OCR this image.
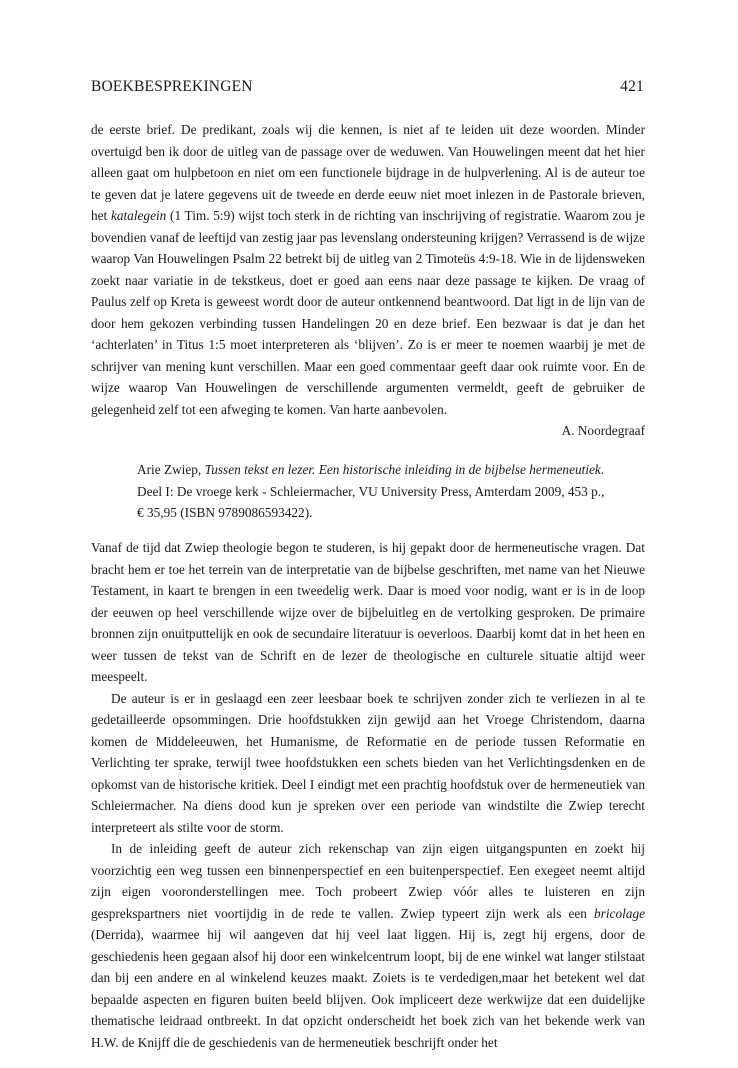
BOEKBESPREKINGEN	421

de eerste brief. De predikant, zoals wij die kennen, is niet af te leiden uit deze woorden. Minder overtuigd ben ik door de uitleg van de passage over de weduwen. Van Houwelingen meent dat het hier alleen gaat om hulpbetoon en niet om een functionele bijdrage in de hulpverlening. Al is de auteur toe te geven dat je latere gegevens uit de tweede en derde eeuw niet moet inlezen in de Pastorale brieven, het katalegein (1 Tim. 5:9) wijst toch sterk in de richting van inschrijving of registratie. Waarom zou je bovendien vanaf de leeftijd van zestig jaar pas levenslang ondersteuning krijgen? Verrassend is de wijze waarop Van Houwelingen Psalm 22 betrekt bij de uitleg van 2 Timoteüs 4:9-18. Wie in de lijdensweken zoekt naar variatie in de tekstkeus, doet er goed aan eens naar deze passage te kijken. De vraag of Paulus zelf op Kreta is geweest wordt door de auteur ontkennend beantwoord. Dat ligt in de lijn van de door hem gekozen verbinding tussen Handelingen 20 en deze brief. Een bezwaar is dat je dan het ‘achterlaten’ in Titus 1:5 moet interpreteren als ‘blijven’. Zo is er meer te noemen waarbij je met de schrijver van mening kunt verschillen. Maar een goed commentaar geeft daar ook ruimte voor. En de wijze waarop Van Houwelingen de verschillende argumenten vermeldt, geeft de gebruiker de gelegenheid zelf tot een afweging te komen. Van harte aanbevolen.

A. Noordegraaf

Arie Zwiep, Tussen tekst en lezer. Een historische inleiding in de bijbelse hermeneutiek.

Deel I: De vroege kerk - Schleiermacher, VU University Press, Amterdam 2009, 453 p.,

€ 35,95 (ISBN 9789086593422).

Vanaf de tijd dat Zwiep theologie begon te studeren, is hij gepakt door de hermeneutische vragen. Dat bracht hem er toe het terrein van de interpretatie van de bijbelse geschriften, met name van het Nieuwe Testament, in kaart te brengen in een tweedelig werk. Daar is moed voor nodig, want er is in de loop der eeuwen op heel verschillende wijze over de bijbeluitleg en de vertolking gesproken. De primaire bronnen zijn onuitputtelijk en ook de secundaire literatuur is oeverloos. Daarbij komt dat in het heen en weer tussen de tekst van de Schrift en de lezer de theologische en culturele situatie altijd weer meespeelt.

De auteur is er in geslaagd een zeer leesbaar boek te schrijven zonder zich te verliezen in al te gedetailleerde opsommingen. Drie hoofdstukken zijn gewijd aan het Vroege Christendom, daarna komen de Middeleeuwen, het Humanisme, de Reformatie en de periode tussen Reformatie en Verlichting ter sprake, terwijl twee hoofdstukken een schets bieden van het Verlichtingsdenken en de opkomst van de historische kritiek. Deel I eindigt met een prachtig hoofdstuk over de hermeneutiek van Schleiermacher. Na diens dood kun je spreken over een periode van windstilte die Zwiep terecht interpreteert als stilte voor de storm.

In de inleiding geeft de auteur zich rekenschap van zijn eigen uitgangspunten en zoekt hij voorzichtig een weg tussen een binnenperspectief en een buitenperspectief. Een exegeet neemt altijd zijn eigen vooronderstellingen mee. Toch probeert Zwiep vóór alles te luisteren en zijn gesprekspartners niet voortijdig in de rede te vallen. Zwiep typeert zijn werk als een bricolage (Derrida), waarmee hij wil aangeven dat hij veel laat liggen. Hij is, zegt hij ergens, door de geschiedenis heen gegaan alsof hij door een winkelcentrum loopt, bij de ene winkel wat langer stilstaat dan bij een andere en al winkelend keuzes maakt. Zoiets is te verdedigen,maar het betekent wel dat bepaalde aspecten en figuren buiten beeld blijven. Ook impliceert deze werkwijze dat een duidelijke thematische leidraad ontbreekt. In dat opzicht onderscheidt het boek zich van het bekende werk van H.W. de Knijff die de geschiedenis van de hermeneutiek beschrijft onder het
